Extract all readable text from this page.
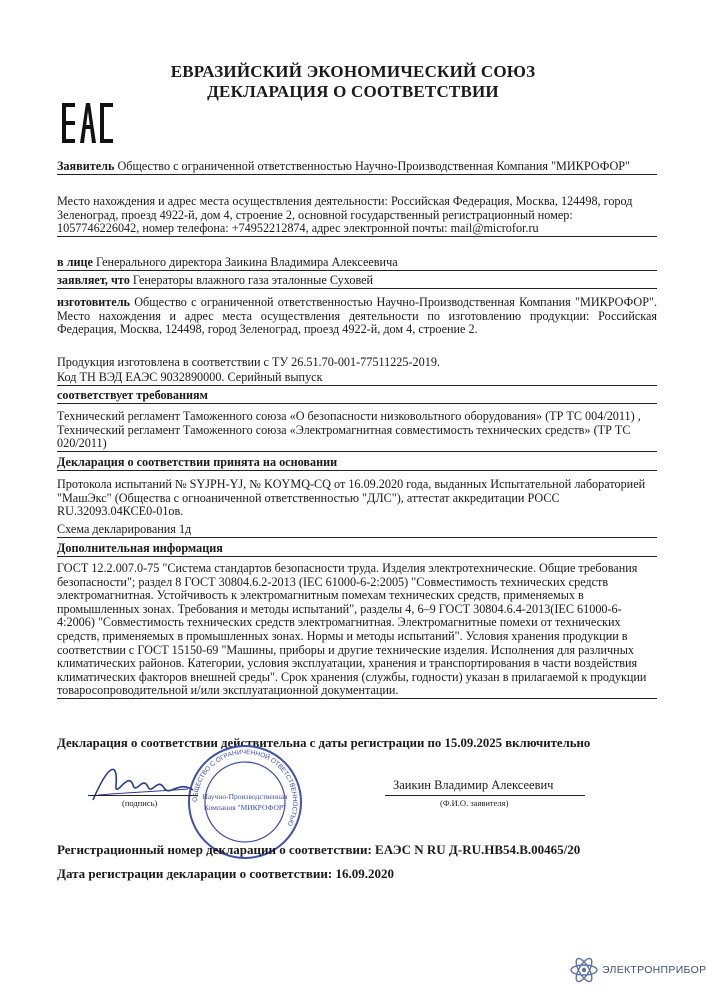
ЕВРАЗИЙСКИЙ ЭКОНОМИЧЕСКИЙ СОЮЗ
ДЕКЛАРАЦИЯ О СООТВЕТСТВИИ
Заявитель Общество с ограниченной ответственностью Научно-Производственная Компания "МИКРОФОР"
Место нахождения и адрес места осуществления деятельности: Российская Федерация, Москва, 124498, город Зеленоград, проезд 4922-й, дом 4, строение 2, основной государственный регистрационный номер: 1057746226042, номер телефона: +74952212874, адрес электронной почты: mail@microfor.ru
в лице Генерального директора Заикина Владимира Алексеевича
заявляет, что Генераторы влажного газа эталонные Суховей
изготовитель Общество с ограниченной ответственностью Научно-Производственная Компания "МИКРОФОР". Место нахождения и адрес места осуществления деятельности по изготовлению продукции: Российская Федерация, Москва, 124498, город Зеленоград, проезд 4922-й, дом 4, строение 2.
Продукция изготовлена в соответствии с ТУ 26.51.70-001-77511225-2019.
Код ТН ВЭД ЕАЭС 9032890000. Серийный выпуск
соответствует требованиям
Технический регламент Таможенного союза «О безопасности низковольтного оборудования» (ТР ТС 004/2011) , Технический регламент Таможенного союза «Электромагнитная совместимость технических средств» (ТР ТС 020/2011)
Декларация о соответствии принята на основании
Протокола испытаний № SYJPH-YJ, № KOYMQ-CQ от 16.09.2020 года, выданных Испытательной лабораторией "МашЭкс" (Общества с огноаниченной ответственностью "ДЛС"), аттестат аккредитации РОСС RU.32093.04КСЕ0-01ов.
Схема декларирования 1д
Дополнительная информация
ГОСТ 12.2.007.0-75 "Система стандартов безопасности труда. Изделия электротехнические. Общие требования безопасности"; раздел 8 ГОСТ 30804.6.2-2013 (IEC 61000-6-2:2005) "Совместимость технических средств электромагнитная. Устойчивость к электромагнитным помехам технических средств, применяемых в промышленных зонах. Требования и методы испытаний", разделы 4, 6–9 ГОСТ 30804.6.4-2013(IEC 61000-6-4:2006) "Совместимость технических средств электромагнитная. Электромагнитные помехи от технических средств, применяемых в промышленных зонах. Нормы и методы испытаний". Условия хранения продукции в соответствии с ГОСТ 15150-69 "Машины, приборы и другие технические изделия. Исполнения для различных климатических районов. Категории, условия эксплуатации, хранения и транспортирования в части воздействия климатических факторов внешней среды". Срок хранения (службы, годности) указан в прилагаемой к продукции товаросопроводительной и/или эксплуатационной документации.
Декларация о соответствии действительна с даты регистрации по 15.09.2025 включительно
ОБЩЕСТВО С ОГРАНИЧЕННОЙ ОТВЕТСТВЕННОСТЬЮ
Научно-Производственная
Компания "МИКРОФОР"
(подпись)
Заикин Владимир Алексеевич
(Ф.И.О. заявителя)
Регистрационный номер декларации о соответствии: ЕАЭС N RU Д-RU.НВ54.В.00465/20
Дата регистрации декларации о соответствии: 16.09.2020
ЭЛЕКТРОНПРИБОР
